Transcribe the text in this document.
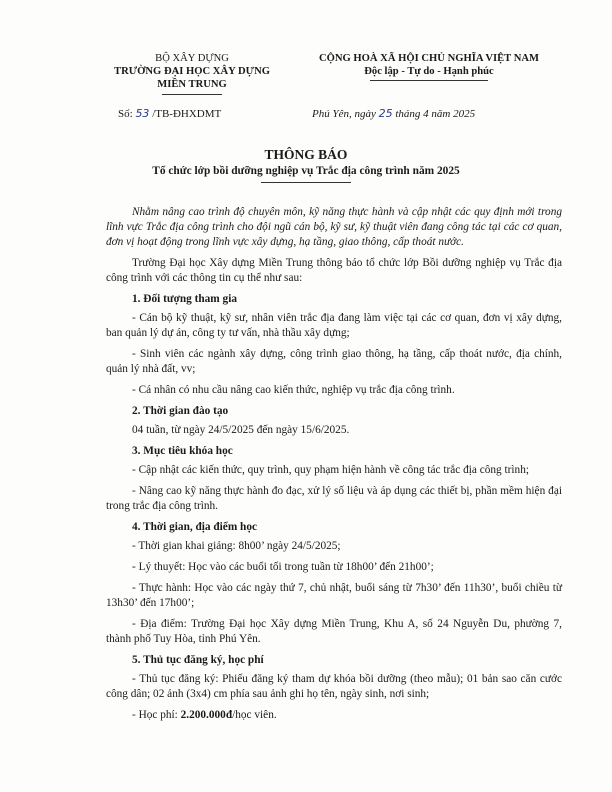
BỘ XÂY DỰNG
TRƯỜNG ĐẠI HỌC XÂY DỰNG
MIỀN TRUNG
CỘNG HOÀ XÃ HỘI CHỦ NGHĨA VIỆT NAM
Độc lập - Tự do - Hạnh phúc
Số: 53 /TB-ĐHXDMT	Phú Yên, ngày 25 tháng 4 năm 2025
THÔNG BÁO
Tổ chức lớp bồi dưỡng nghiệp vụ Trắc địa công trình năm 2025

Nhằm nâng cao trình độ chuyên môn, kỹ năng thực hành và cập nhật các quy định mới trong lĩnh vực Trắc địa công trình cho đội ngũ cán bộ, kỹ sư, kỹ thuật viên đang công tác tại các cơ quan, đơn vị hoạt động trong lĩnh vực xây dựng, hạ tầng, giao thông, cấp thoát nước.

Trường Đại học Xây dựng Miền Trung thông báo tổ chức lớp Bồi dưỡng nghiệp vụ Trắc địa công trình với các thông tin cụ thể như sau:

1. Đối tượng tham gia

- Cán bộ kỹ thuật, kỹ sư, nhân viên trắc địa đang làm việc tại các cơ quan, đơn vị xây dựng, ban quản lý dự án, công ty tư vấn, nhà thầu xây dựng;

- Sinh viên các ngành xây dựng, công trình giao thông, hạ tầng, cấp thoát nước, địa chính, quản lý nhà đất, vv;

- Cá nhân có nhu cầu nâng cao kiến thức, nghiệp vụ trắc địa công trình.

2. Thời gian đào tạo

04 tuần, từ ngày 24/5/2025 đến ngày 15/6/2025.

3. Mục tiêu khóa học

- Cập nhật các kiến thức, quy trình, quy phạm hiện hành về công tác trắc địa công trình;

- Nâng cao kỹ năng thực hành đo đạc, xử lý số liệu và áp dụng các thiết bị, phần mềm hiện đại trong trắc địa công trình.

4. Thời gian, địa điểm học

- Thời gian khai giảng: 8h00’ ngày 24/5/2025;

- Lý thuyết: Học vào các buổi tối trong tuần từ 18h00’ đến 21h00’;

- Thực hành: Học vào các ngày thứ 7, chủ nhật, buổi sáng từ 7h30’ đến 11h30’, buổi chiều từ 13h30’ đến 17h00’;

- Địa điểm: Trường Đại học Xây dựng Miền Trung, Khu A, số 24 Nguyễn Du, phường 7, thành phố Tuy Hòa, tỉnh Phú Yên.

5. Thủ tục đăng ký, học phí

- Thủ tục đăng ký: Phiếu đăng ký tham dự khóa bồi dưỡng (theo mẫu); 01 bản sao căn cước công dân; 02 ảnh (3x4) cm phía sau ảnh ghi họ tên, ngày sinh, nơi sinh;

- Học phí: 2.200.000đ/học viên.
